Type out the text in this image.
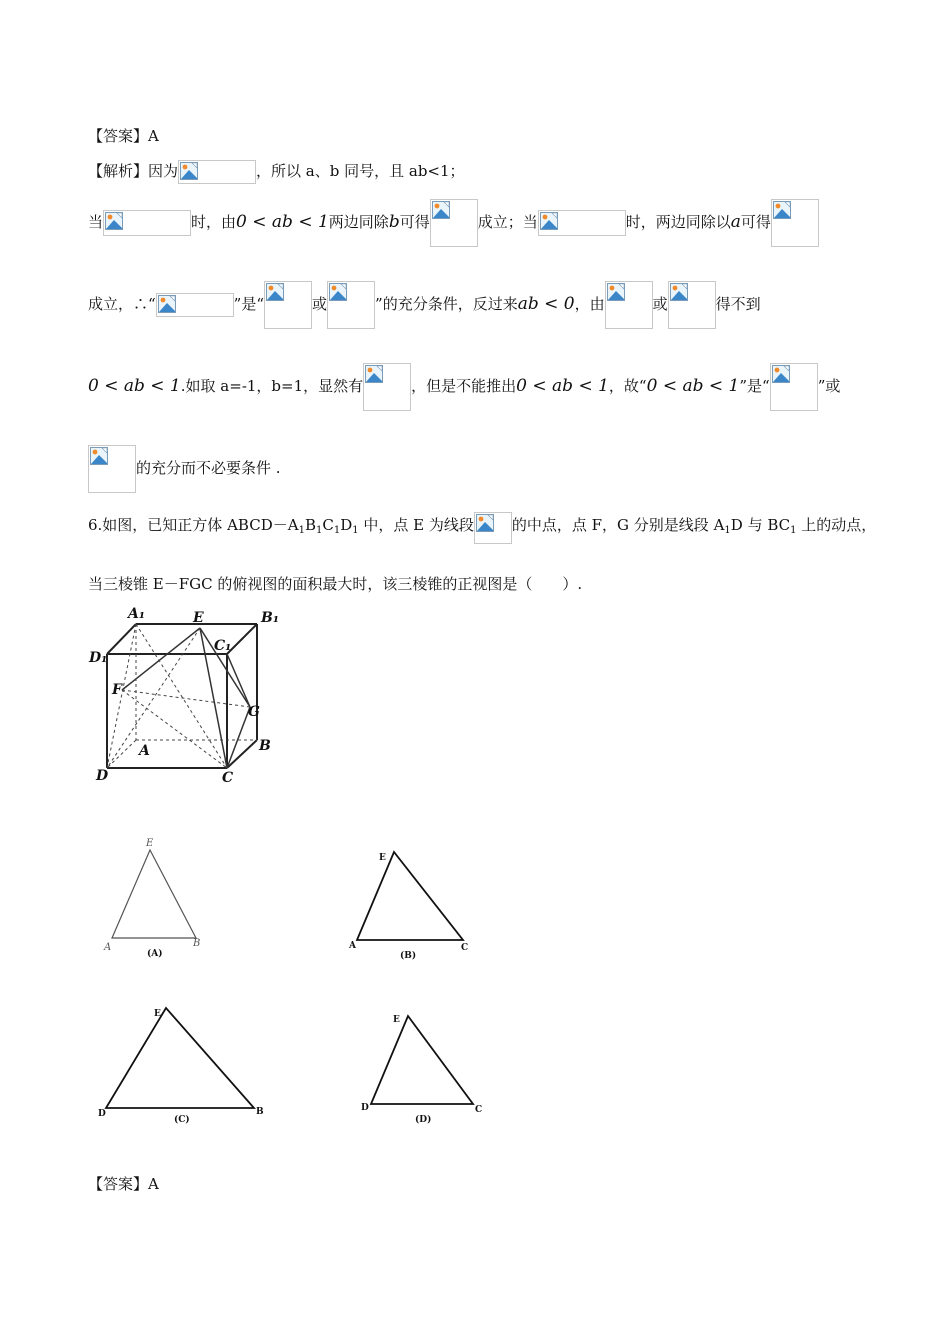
【答案】A
【解析】因为	，所以 a、b 同号，且 ab<1；
当	时，由0 < ab < 1两边同除b可得	成立；当	时，两边同除以a可得
成立，∴“	”是“	或	”的充分条件，反过来ab < 0，由	或	得不到
0 < ab < 1.如取 a=-1，b=1，显然有	，但是不能推出0 < ab < 1，故“0 < ab < 1”是“	”或
的充分而不必要条件 .
6.如图，已知正方体 $ABCD-A_1B_1C_1D_1$ 中，点 E 为线段	的中点，点 F，G 分别是线段 $A_1D$ 与 $BC_1$ 上的动点，
当三棱锥 E－FGC 的俯视图的面积最大时，该三棱锥的正视图是（　　）.
A₁	E	B₁
C₁
D₁
F
G
A	B
D	C
E
A	B
(A)
E
A	C
(B)
E
D	B
(C)
E
D	C
(D)
【答案】A
